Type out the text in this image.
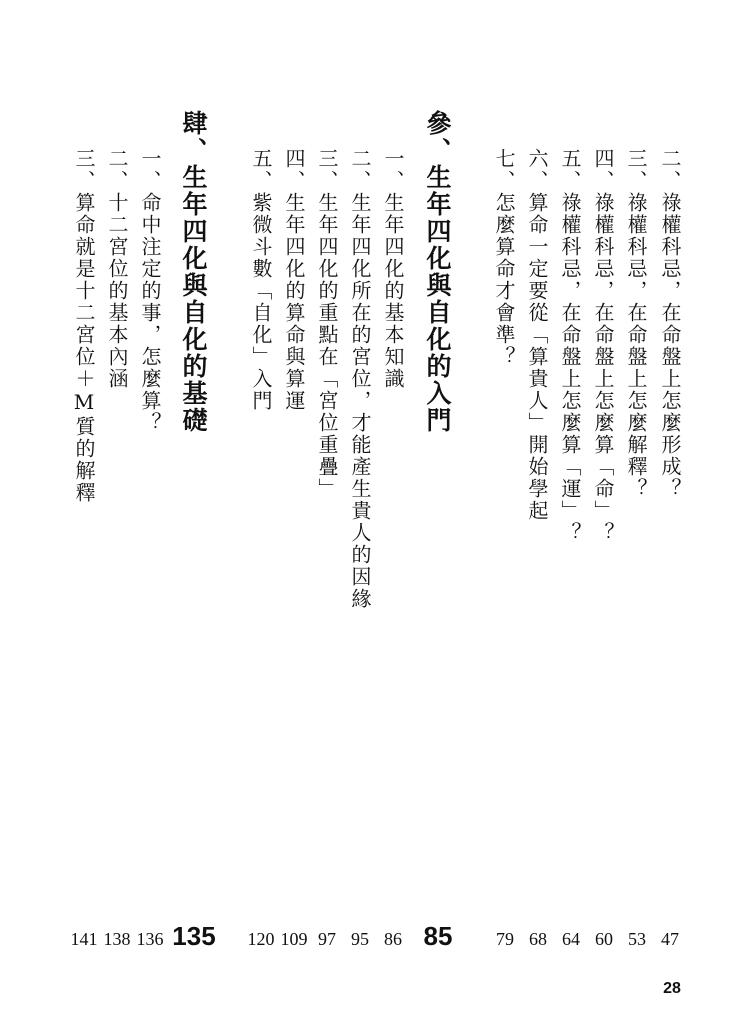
二、祿權科忌，在命盤上怎麼形成？
三、祿權科忌，在命盤上怎麼解釋？
四、祿權科忌，在命盤上怎麼算「命」？
五、祿權科忌，在命盤上怎麼算「運」？
六、算命一定要從「算貴人」開始學起
七、怎麼算命才會準？
參、生年四化與自化的入門
一、生年四化的基本知識
二、生年四化所在的宮位，才能產生貴人的因緣
三、生年四化的重點在「宮位重疊」
四、生年四化的算命與算運
五、紫微斗數「自化」入門
肆、生年四化與自化的基礎
一、命中注定的事，怎麼算？
二、十二宮位的基本內涵
三、算命就是十二宮位＋M質的解釋
47
53
60
64
68
79
85
86
95
97
109
120
135
136
138
141
28
